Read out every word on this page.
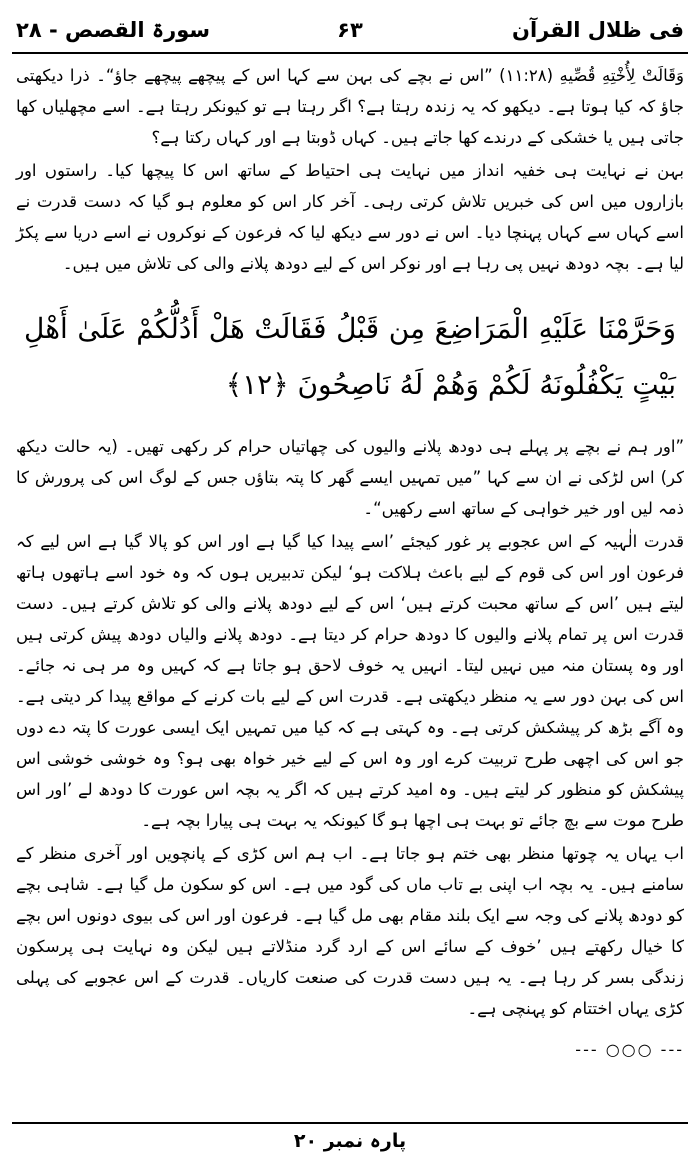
فی ظلال القرآن
۶۳
سورۃ القصص - ۲۸

وَقَالَتْ لِأُخْتِهِ قُصِّيهِ (۱۱:۲۸) ”اس نے بچے کی بہن سے کہا اس کے پیچھے پیچھے جاؤ“۔ ذرا دیکھتی جاؤ کہ کیا ہوتا ہے۔ دیکھو کہ یہ زندہ رہتا ہے؟ اگر رہتا ہے تو کیونکر رہتا ہے۔ اسے مچھلیاں کھا جاتی ہیں یا خشکی کے درندے کھا جاتے ہیں۔ کہاں ڈوبتا ہے اور کہاں رکتا ہے؟

بہن نے نہایت ہی خفیہ انداز میں نہایت ہی احتیاط کے ساتھ اس کا پیچھا کیا۔ راستوں اور بازاروں میں اس کی خبریں تلاش کرتی رہی۔ آخر کار اس کو معلوم ہو گیا کہ دست قدرت نے اسے کہاں سے کہاں پہنچا دیا۔ اس نے دور سے دیکھ لیا کہ فرعون کے نوکروں نے اسے دریا سے پکڑ لیا ہے۔ بچہ دودھ نہیں پی رہا ہے اور نوکر اس کے لیے دودھ پلانے والی کی تلاش میں ہیں۔

وَحَرَّمْنَا عَلَيْهِ الْمَرَاضِعَ مِن قَبْلُ فَقَالَتْ هَلْ أَدُلُّكُمْ عَلَىٰ أَهْلِ بَيْتٍ يَكْفُلُونَهُ لَكُمْ وَهُمْ لَهُ نَاصِحُونَ ﴿۱۲﴾

”اور ہم نے بچے پر پہلے ہی دودھ پلانے والیوں کی چھاتیاں حرام کر رکھی تھیں۔ (یہ حالت دیکھ کر) اس لڑکی نے ان سے کہا ”میں تمہیں ایسے گھر کا پتہ بتاؤں جس کے لوگ اس کی پرورش کا ذمہ لیں اور خیر خواہی کے ساتھ اسے رکھیں“۔

قدرت الٰہیہ کے اس عجوبے پر غور کیجئے ’اسے پیدا کیا گیا ہے اور اس کو پالا گیا ہے اس لیے کہ فرعون اور اس کی قوم کے لیے باعث ہلاکت ہو‘ لیکن تدبیریں ہوں کہ وہ خود اسے ہاتھوں ہاتھ لیتے ہیں ’اس کے ساتھ محبت کرتے ہیں‘ اس کے لیے دودھ پلانے والی کو تلاش کرتے ہیں۔ دست قدرت اس پر تمام پلانے والیوں کا دودھ حرام کر دیتا ہے۔ دودھ پلانے والیاں دودھ پیش کرتی ہیں اور وہ پستان منہ میں نہیں لیتا۔ انہیں یہ خوف لاحق ہو جاتا ہے کہ کہیں وہ مر ہی نہ جائے۔ اس کی بہن دور سے یہ منظر دیکھتی ہے۔ قدرت اس کے لیے بات کرنے کے مواقع پیدا کر دیتی ہے۔ وہ آگے بڑھ کر پیشکش کرتی ہے۔ وہ کہتی ہے کہ کیا میں تمہیں ایک ایسی عورت کا پتہ دے دوں جو اس کی اچھی طرح تربیت کرے اور وہ اس کے لیے خیر خواہ بھی ہو؟ وہ خوشی خوشی اس پیشکش کو منظور کر لیتے ہیں۔ وہ امید کرتے ہیں کہ اگر یہ بچہ اس عورت کا دودھ لے ’اور اس طرح موت سے بچ جائے تو بہت ہی اچھا ہو گا کیونکہ یہ بہت ہی پیارا بچہ ہے۔

اب یہاں یہ چوتھا منظر بھی ختم ہو جاتا ہے۔ اب ہم اس کڑی کے پانچویں اور آخری منظر کے سامنے ہیں۔ یہ بچہ اب اپنی بے تاب ماں کی گود میں ہے۔ اس کو سکون مل گیا ہے۔ شاہی بچے کو دودھ پلانے کی وجہ سے ایک بلند مقام بھی مل گیا ہے۔ فرعون اور اس کی بیوی دونوں اس بچے کا خیال رکھتے ہیں ’خوف کے سائے اس کے ارد گرد منڈلاتے ہیں لیکن وہ نہایت ہی پرسکون زندگی بسر کر رہا ہے۔ یہ ہیں دست قدرت کی صنعت کاریاں۔ قدرت کے اس عجوبے کی پہلی کڑی یہاں اختتام کو پہنچی ہے۔

--- ○○○ ---

پارہ نمبر ۲۰
